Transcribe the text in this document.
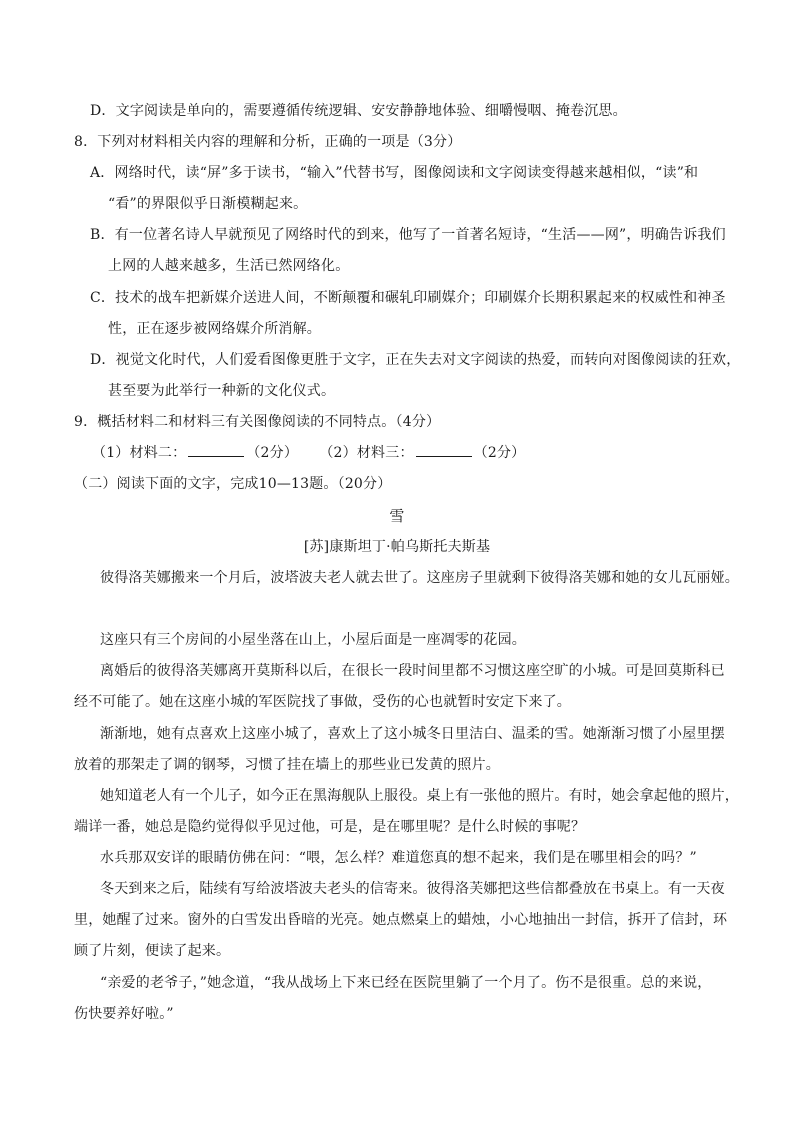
D．文字阅读是单向的，需要遵循传统逻辑、安安静静地体验、细嚼慢咽、掩卷沉思。
8．下列对材料相关内容的理解和分析，正确的一项是（3分）
A．网络时代，读“屏”多于读书，“输入”代替书写，图像阅读和文字阅读变得越来越相似，“读”和
“看”的界限似乎日渐模糊起来。
B．有一位著名诗人早就预见了网络时代的到来，他写了一首著名短诗，“生活——网”，明确告诉我们
上网的人越来越多，生活已然网络化。
C．技术的战车把新媒介送进人间，不断颠覆和碾轧印刷媒介；印刷媒介长期积累起来的权威性和神圣
性，正在逐步被网络媒介所消解。
D．视觉文化时代，人们爱看图像更胜于文字，正在失去对文字阅读的热爱，而转向对图像阅读的狂欢，
甚至要为此举行一种新的文化仪式。
9．概括材料二和材料三有关图像阅读的不同特点。（4分）
（1）材料二：	（2分） （2）材料三：	（2分）
（二）阅读下面的文字，完成10—13题。（20分）
雪
[苏]康斯坦丁·帕乌斯托夫斯基
彼得洛芙娜搬来一个月后，波塔波夫老人就去世了。这座房子里就剩下彼得洛芙娜和她的女儿瓦丽娅。
这座只有三个房间的小屋坐落在山上，小屋后面是一座凋零的花园。
离婚后的彼得洛芙娜离开莫斯科以后，在很长一段时间里都不习惯这座空旷的小城。可是回莫斯科已
经不可能了。她在这座小城的军医院找了事做，受伤的心也就暂时安定下来了。
渐渐地，她有点喜欢上这座小城了，喜欢上了这小城冬日里洁白、温柔的雪。她渐渐习惯了小屋里摆
放着的那架走了调的钢琴，习惯了挂在墙上的那些业已发黄的照片。
她知道老人有一个儿子，如今正在黑海舰队上服役。桌上有一张他的照片。有时，她会拿起他的照片，
端详一番，她总是隐约觉得似乎见过他，可是，是在哪里呢？是什么时候的事呢？
水兵那双安详的眼睛仿佛在问：“喂，怎么样？难道您真的想不起来，我们是在哪里相会的吗？”
冬天到来之后，陆续有写给波塔波夫老头的信寄来。彼得洛芙娜把这些信都叠放在书桌上。有一天夜
里，她醒了过来。窗外的白雪发出昏暗的光亮。她点燃桌上的蜡烛，小心地抽出一封信，拆开了信封，环
顾了片刻，便读了起来。
“亲爱的老爷子，”她念道，“我从战场上下来已经在医院里躺了一个月了。伤不是很重。总的来说，
伤快要养好啦。”
